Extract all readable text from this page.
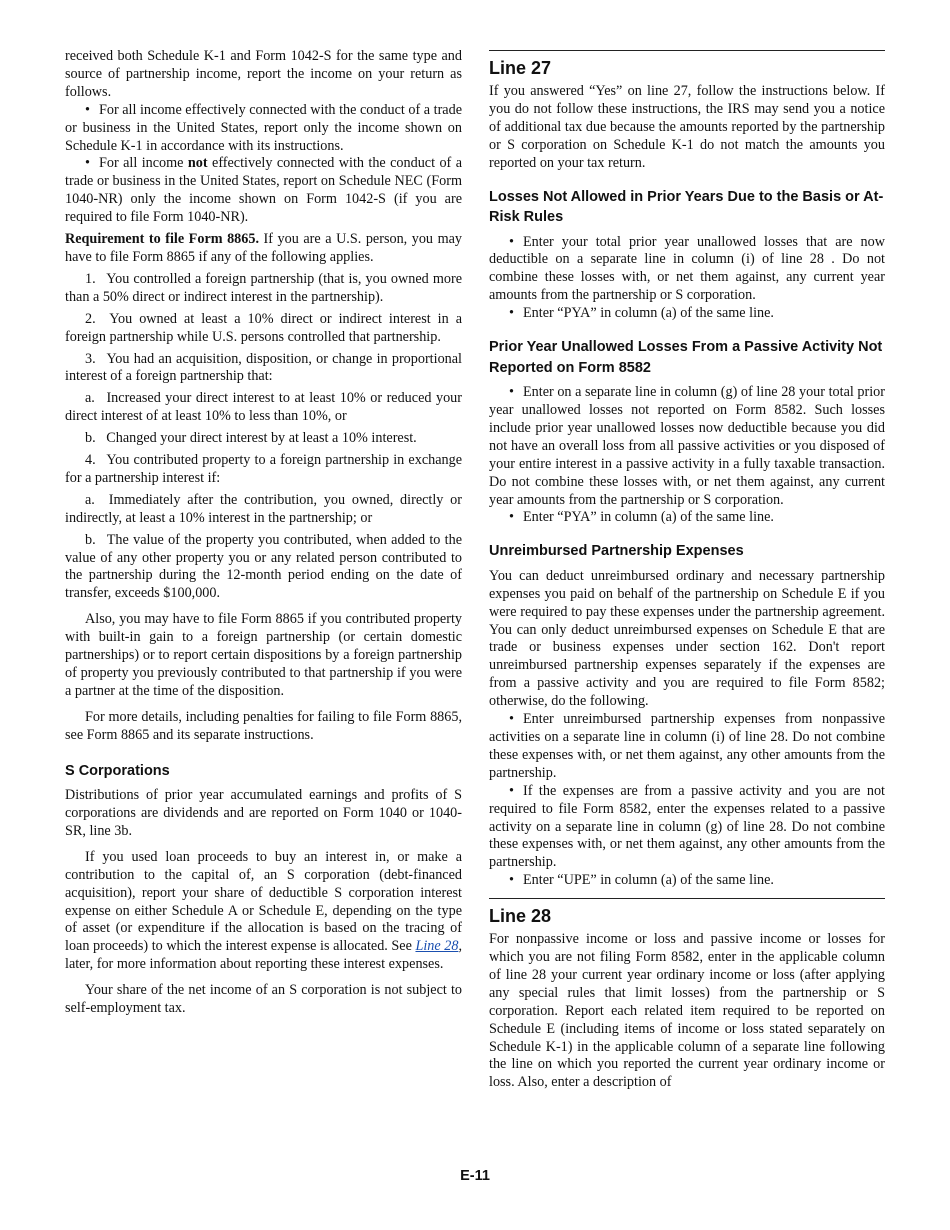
received both Schedule K-1 and Form 1042-S for the same type and source of partnership income, report the income on your return as follows.

• For all income effectively connected with the conduct of a trade or business in the United States, report only the income shown on Schedule K-1 in accordance with its instructions.

• For all income not effectively connected with the conduct of a trade or business in the United States, report on Schedule NEC (Form 1040-NR) only the income shown on Form 1042-S (if you are required to file Form 1040-NR).

Requirement to file Form 8865. If you are a U.S. person, you may have to file Form 8865 if any of the following applies.

1.  You controlled a foreign partnership (that is, you owned more than a 50% direct or indirect interest in the partnership).

2.  You owned at least a 10% direct or indirect interest in a foreign partnership while U.S. persons controlled that partnership.

3.  You had an acquisition, disposition, or change in proportional interest of a foreign partnership that:

a.  Increased your direct interest to at least 10% or reduced your direct interest of at least 10% to less than 10%, or

b.  Changed your direct interest by at least a 10% interest.

4.  You contributed property to a foreign partnership in exchange for a partnership interest if:

a.  Immediately after the contribution, you owned, directly or indirectly, at least a 10% interest in the partnership; or

b.  The value of the property you contributed, when added to the value of any other property you or any related person contributed to the partnership during the 12-month period ending on the date of transfer, exceeds $100,000.

Also, you may have to file Form 8865 if you contributed property with built-in gain to a foreign partnership (or certain domestic partnerships) or to report certain dispositions by a foreign partnership of property you previously contributed to that partnership if you were a partner at the time of the disposition.

For more details, including penalties for failing to file Form 8865, see Form 8865 and its separate instructions.

S Corporations

Distributions of prior year accumulated earnings and profits of S corporations are dividends and are reported on Form 1040 or 1040-SR, line 3b.

If you used loan proceeds to buy an interest in, or make a contribution to the capital of, an S corporation (debt-financed acquisition), report your share of deductible S corporation interest expense on either Schedule A or Schedule E, depending on the type of asset (or expenditure if the allocation is based on the tracing of loan proceeds) to which the interest expense is allocated. See Line 28, later, for more information about reporting these interest expenses.

Your share of the net income of an S corporation is not subject to self-employment tax.

Line 27

If you answered “Yes” on line 27, follow the instructions below. If you do not follow these instructions, the IRS may send you a notice of additional tax due because the amounts reported by the partnership or S corporation on Schedule K-1 do not match the amounts you reported on your tax return.

Losses Not Allowed in Prior Years Due to the Basis or At-Risk Rules

• Enter your total prior year unallowed losses that are now deductible on a separate line in column (i) of line 28 . Do not combine these losses with, or net them against, any current year amounts from the partnership or S corporation.

• Enter “PYA” in column (a) of the same line.

Prior Year Unallowed Losses From a Passive Activity Not Reported on Form 8582

• Enter on a separate line in column (g) of line 28 your total prior year unallowed losses not reported on Form 8582. Such losses include prior year unallowed losses now deductible because you did not have an overall loss from all passive activities or you disposed of your entire interest in a passive activity in a fully taxable transaction. Do not combine these losses with, or net them against, any current year amounts from the partnership or S corporation.

• Enter “PYA” in column (a) of the same line.

Unreimbursed Partnership Expenses

You can deduct unreimbursed ordinary and necessary partnership expenses you paid on behalf of the partnership on Schedule E if you were required to pay these expenses under the partnership agreement. You can only deduct unreimbursed expenses on Schedule E that are trade or business expenses under section 162. Don't report unreimbursed partnership expenses separately if the expenses are from a passive activity and you are required to file Form 8582; otherwise, do the following.

• Enter unreimbursed partnership expenses from nonpassive activities on a separate line in column (i) of line 28. Do not combine these expenses with, or net them against, any other amounts from the partnership.

• If the expenses are from a passive activity and you are not required to file Form 8582, enter the expenses related to a passive activity on a separate line in column (g) of line 28. Do not combine these expenses with, or net them against, any other amounts from the partnership.

• Enter “UPE” in column (a) of the same line.

Line 28

For nonpassive income or loss and passive income or losses for which you are not filing Form 8582, enter in the applicable column of line 28 your current year ordinary income or loss (after applying any special rules that limit losses) from the partnership or S corporation. Report each related item required to be reported on Schedule E (including items of income or loss stated separately on Schedule K-1) in the applicable column of a separate line following the line on which you reported the current year ordinary income or loss. Also, enter a description of

E-11
